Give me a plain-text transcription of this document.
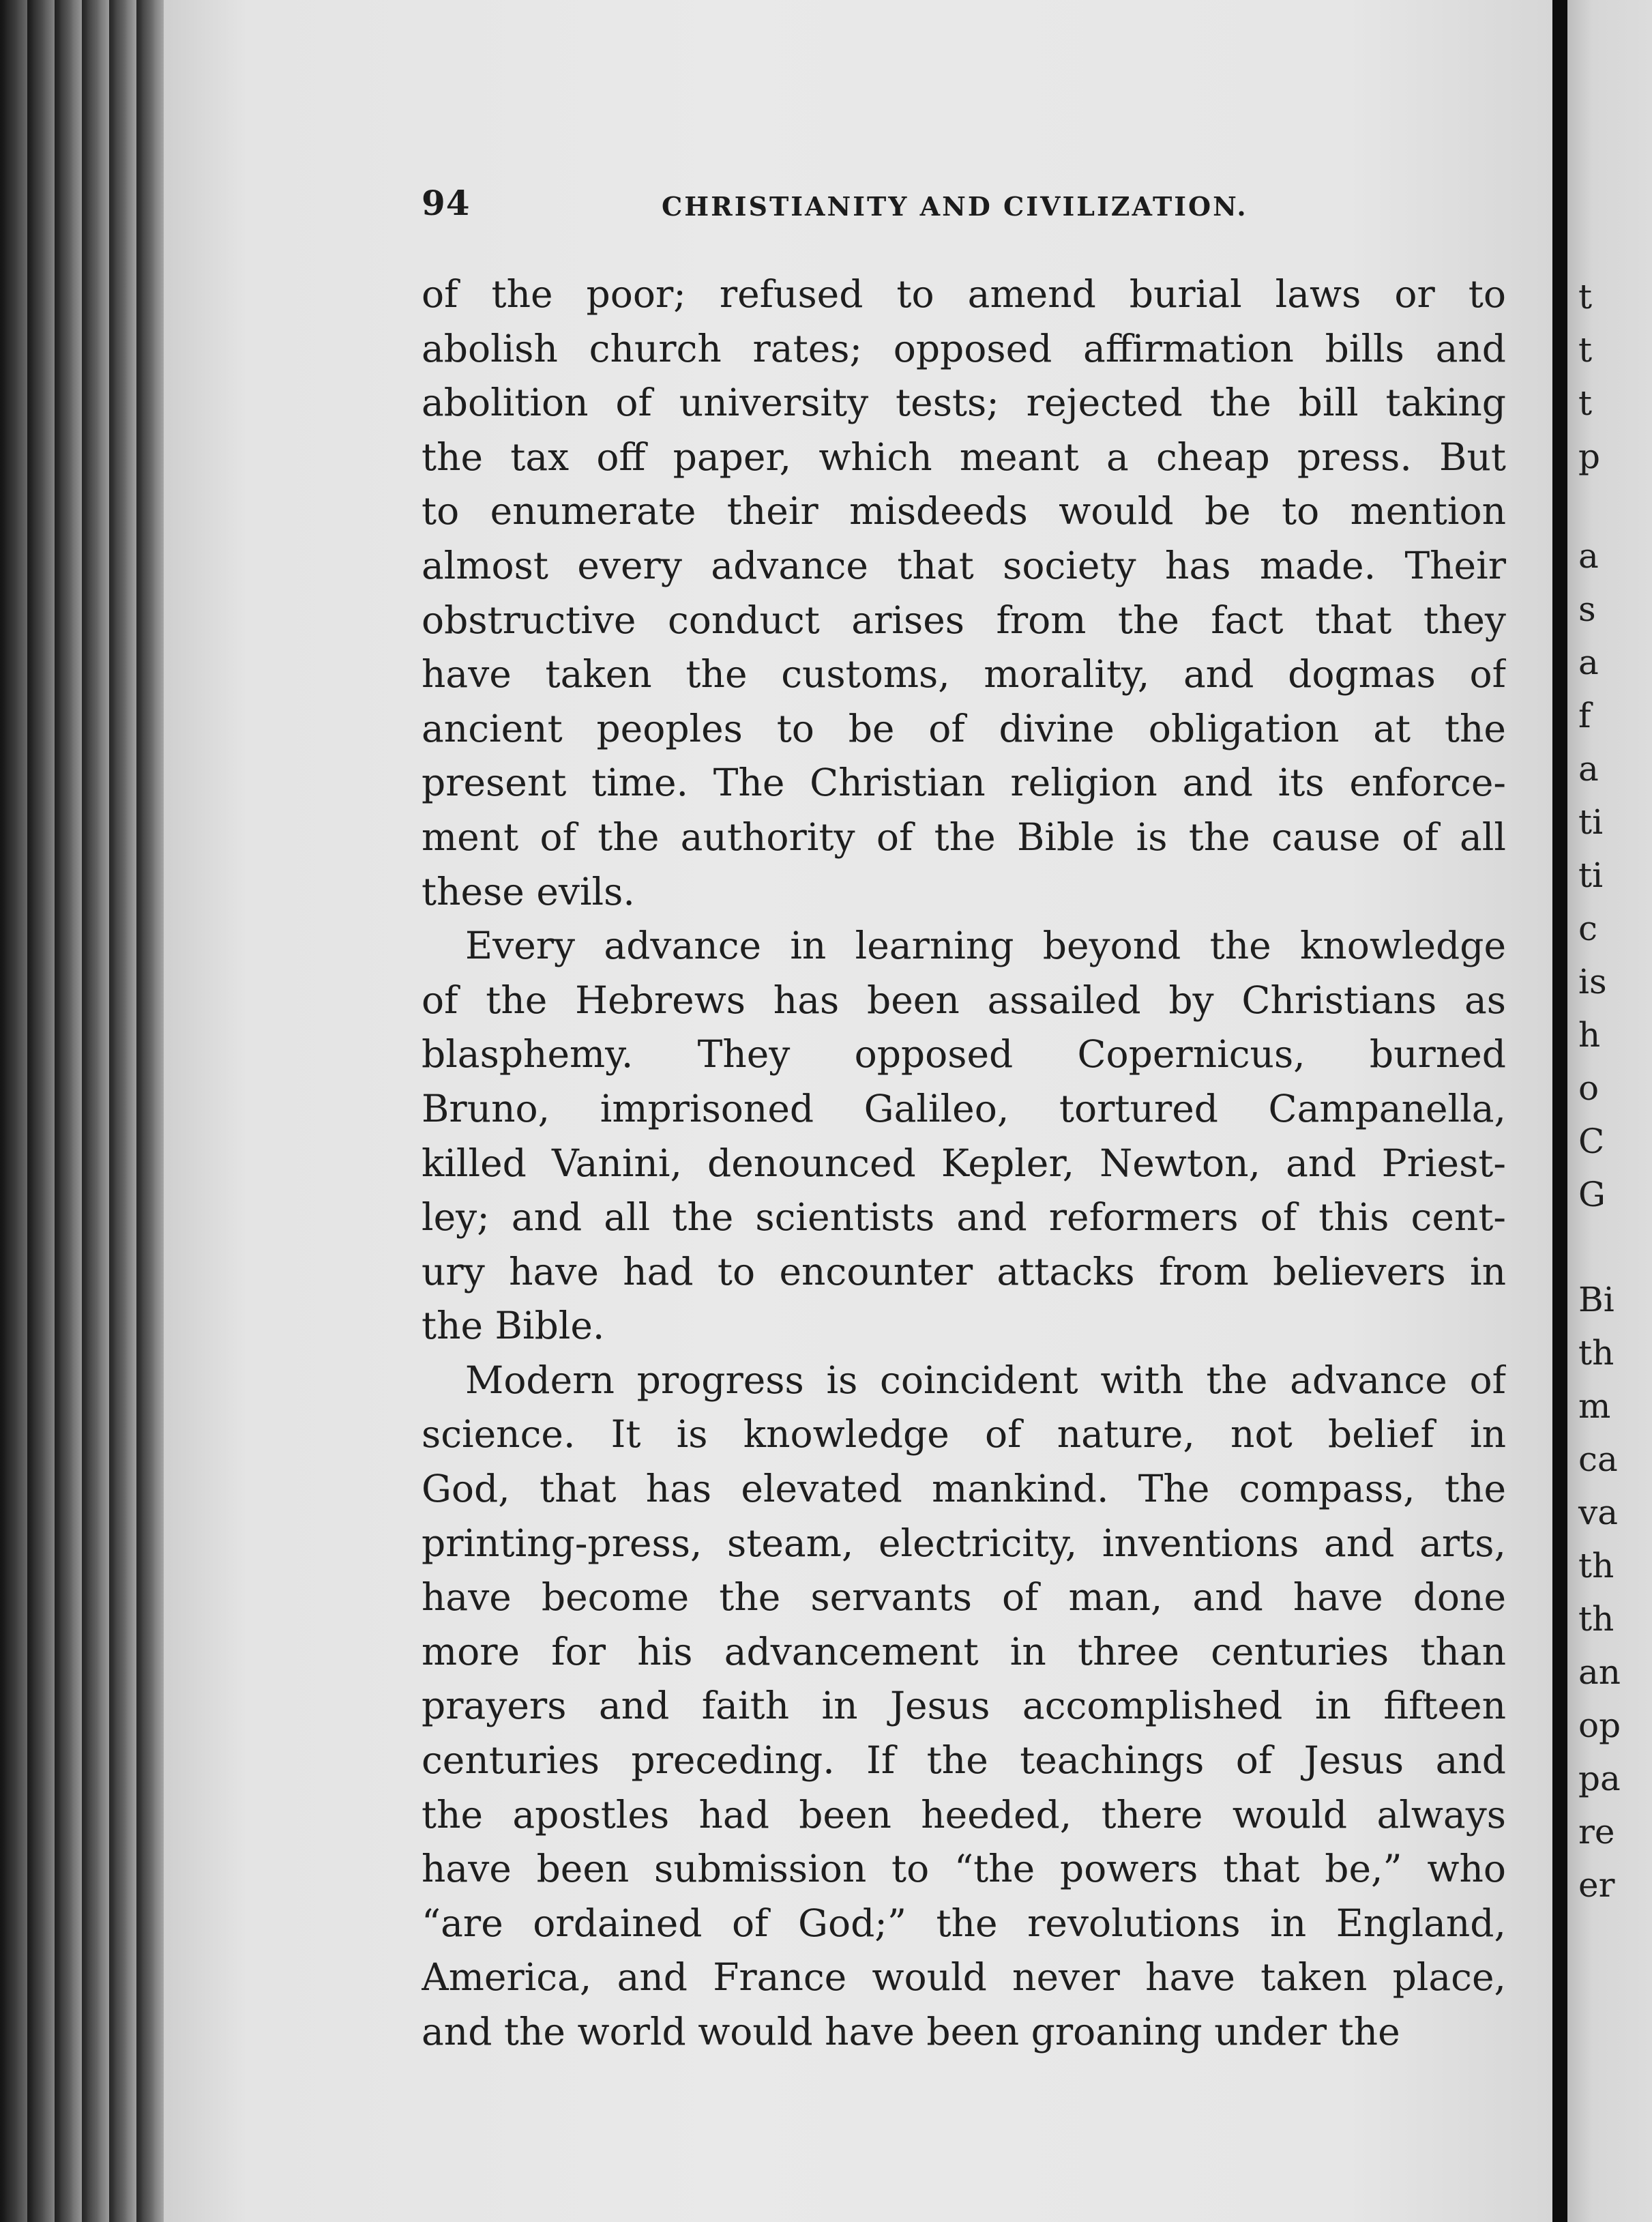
94	CHRISTIANITY AND CIVILIZATION.
of the poor; refused to amend burial laws or to
abolish church rates; opposed affirmation bills and
abolition of university tests; rejected the bill taking
the tax off paper, which meant a cheap press. But
to enumerate their misdeeds would be to mention
almost every advance that society has made. Their
obstructive conduct arises from the fact that they
have taken the customs, morality, and dogmas of
ancient peoples to be of divine obligation at the
present time. The Christian religion and its enforce-
ment of the authority of the Bible is the cause of all
these evils.
Every advance in learning beyond the knowledge
of the Hebrews has been assailed by Christians as
blasphemy. They opposed Copernicus, burned
Bruno, imprisoned Galileo, tortured Campanella,
killed Vanini, denounced Kepler, Newton, and Priest-
ley; and all the scientists and reformers of this cent-
ury have had to encounter attacks from believers in
the Bible.
Modern progress is coincident with the advance of
science. It is knowledge of nature, not belief in
God, that has elevated mankind. The compass, the
printing-press, steam, electricity, inventions and arts,
have become the servants of man, and have done
more for his advancement in three centuries than
prayers and faith in Jesus accomplished in fifteen
centuries preceding. If the teachings of Jesus and
the apostles had been heeded, there would always
have been submission to “the powers that be,” who
“are ordained of God;” the revolutions in England,
America, and France would never have taken place,
and the world would have been groaning under the
t
t
t
p
a
s
a
f
a
ti
ti
c
is
h
o
C
G
Bi
th
m
ca
va
th
th
an
op
pa
re
er
